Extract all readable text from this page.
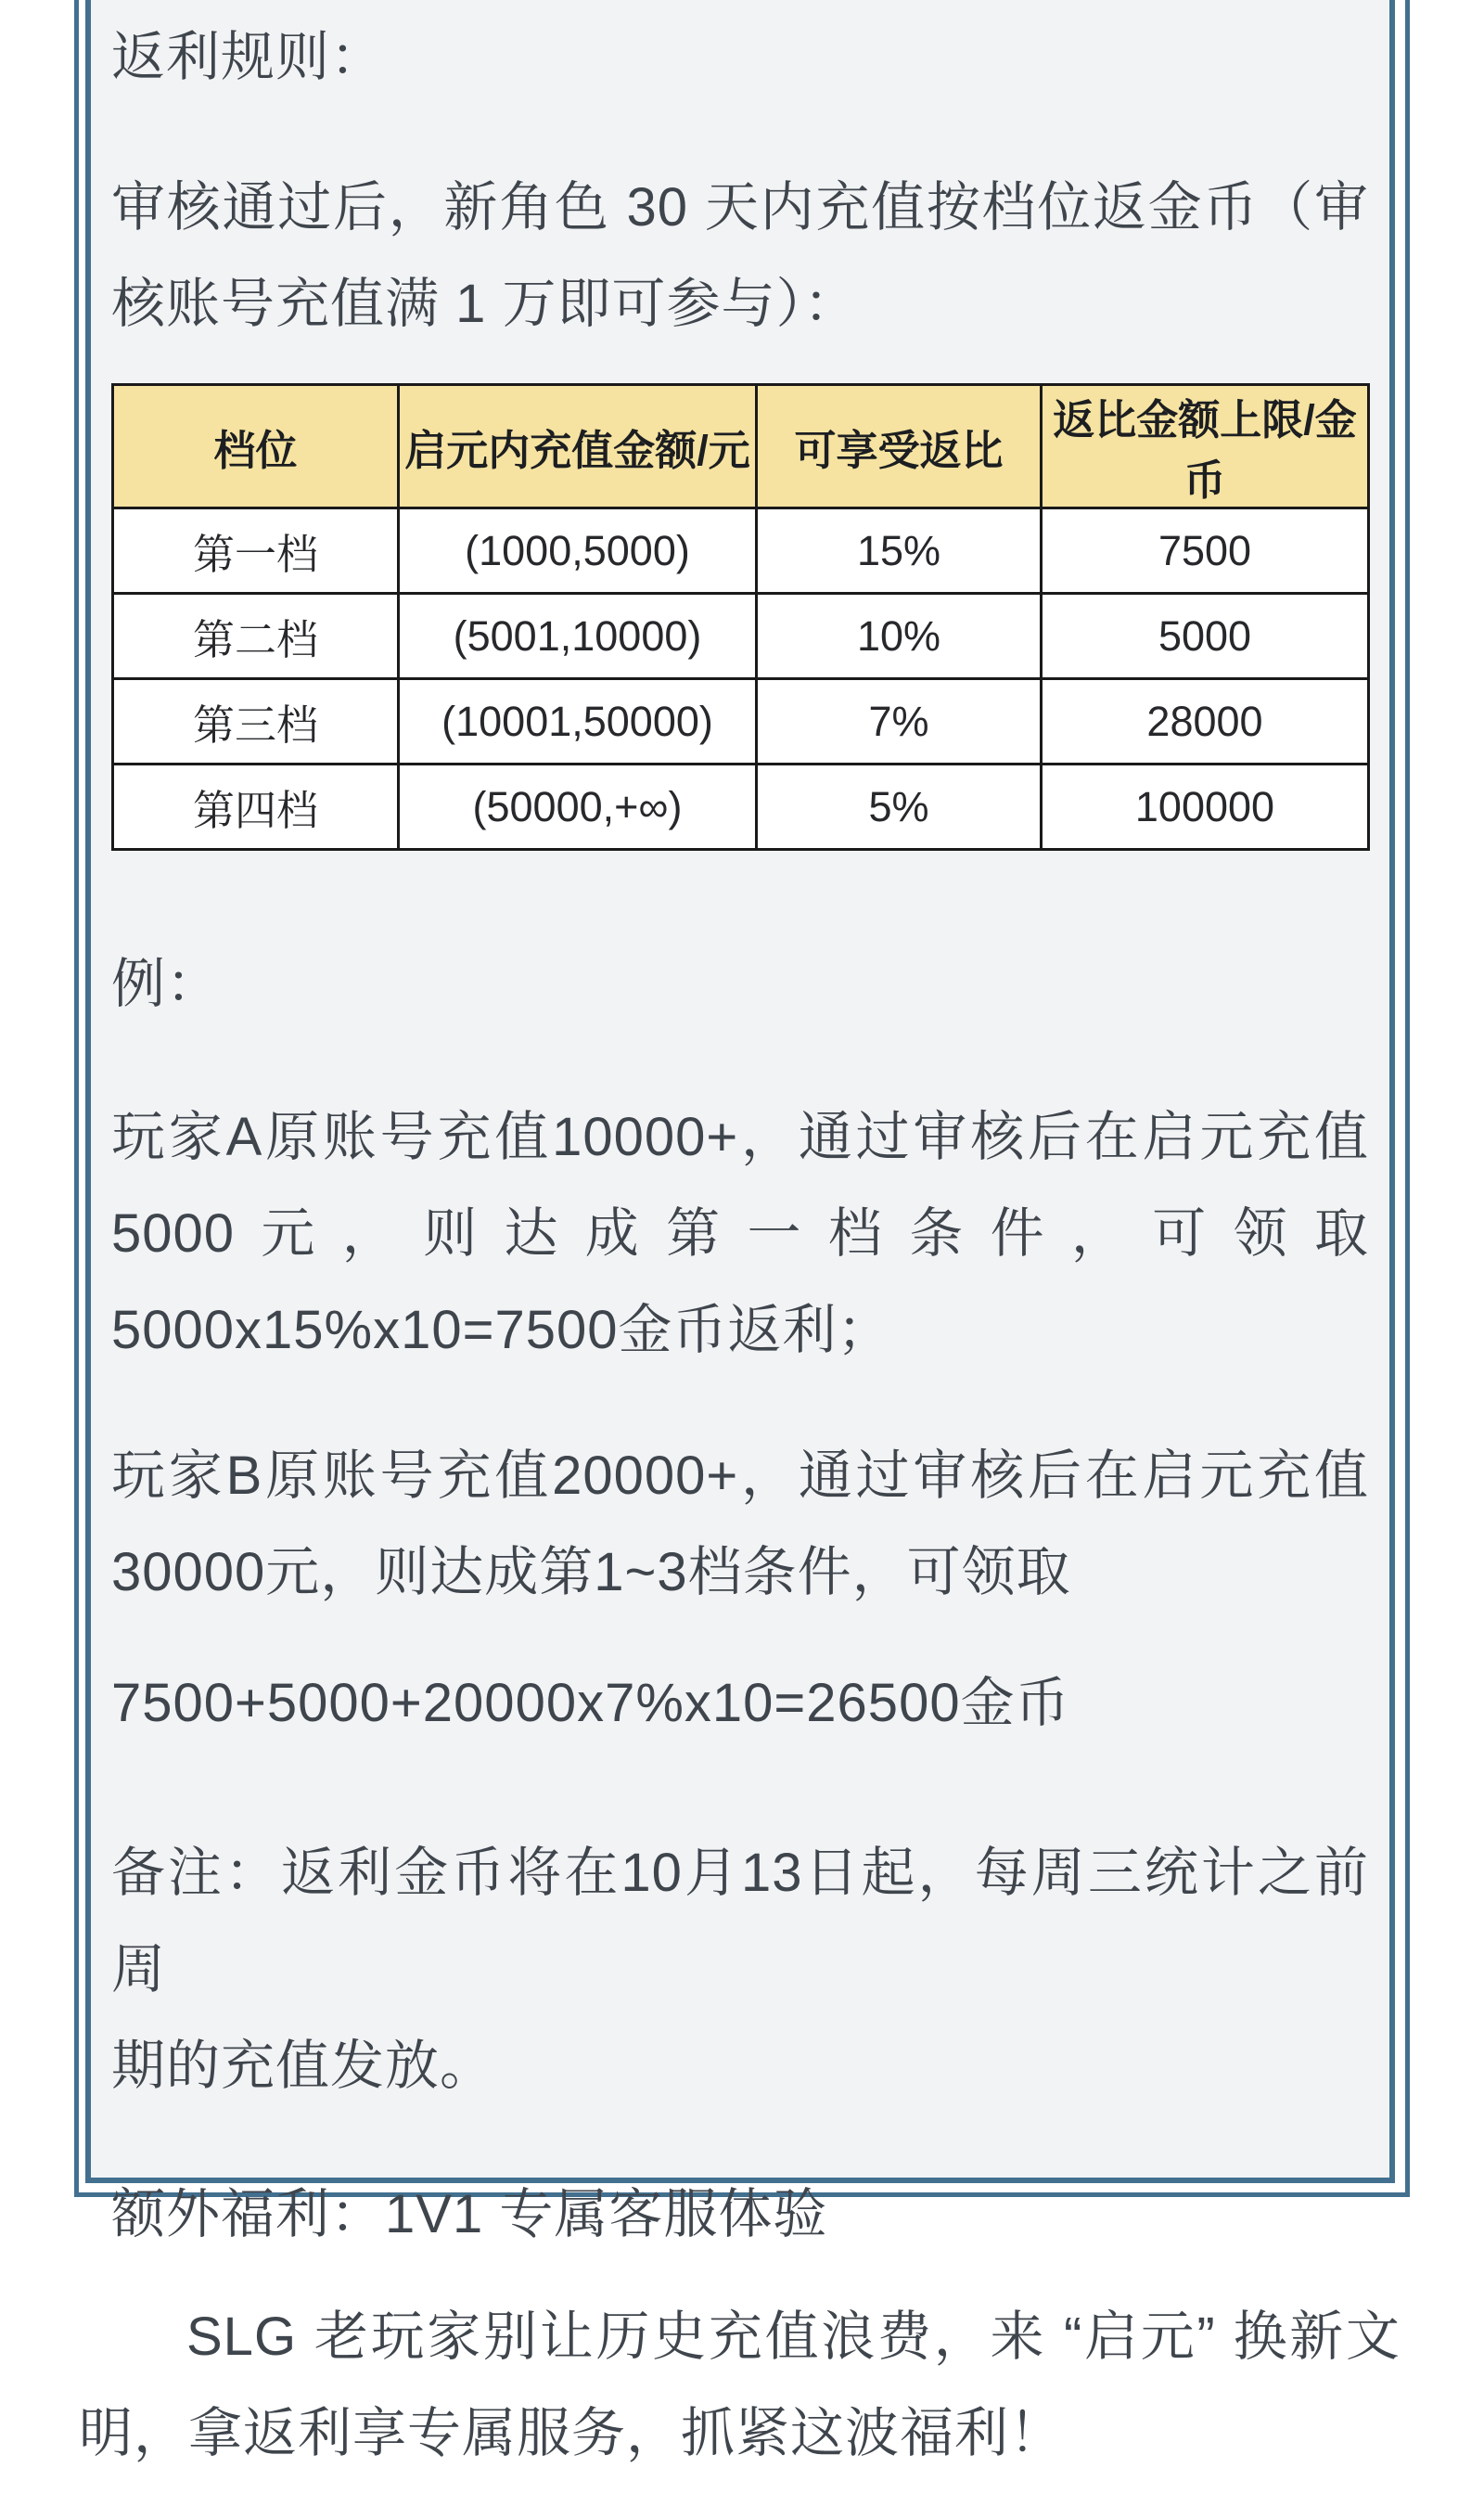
返利规则：
审核通过后，新角色 30 天内充值按档位返金币（审
核账号充值满 1 万即可参与）：
档位	启元内充值金额/元	可享受返比	返比金额上限/金币
第一档	(1000,5000)	15%	7500
第二档	(5001,10000)	10%	5000
第三档	(10001,50000)	7%	28000
第四档	(50000,+∞)	5%	100000
例：
玩家A原账号充值10000+，通过审核后在启元充值
5000元，则达成第一档条件，可领取
5000x15%x10=7500金币返利；
玩家B原账号充值20000+，通过审核后在启元充值
30000元，则达成第1~3档条件，可领取
7500+5000+20000x7%x10=26500金币
备注：返利金币将在10月13日起，每周三统计之前周
期的充值发放。
额外福利：1V1 专属客服体验
SLG 老玩家别让历史充值浪费，来 “启元” 换新文
明，拿返利享专属服务，抓紧这波福利！
